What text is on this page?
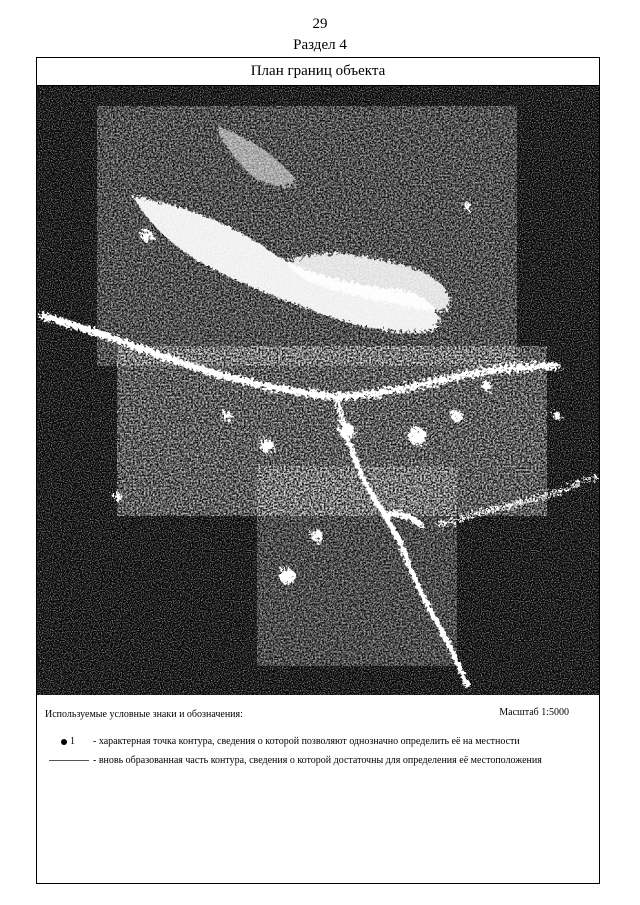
29
Раздел 4
План границ объекта
Используемые условные знаки и обозначения:	Масштаб 1:5000
1 - характерная точка контура, сведения о которой позволяют однозначно определить её на местности
- вновь образованная часть контура, сведения о которой достаточны для определения её местоположения
